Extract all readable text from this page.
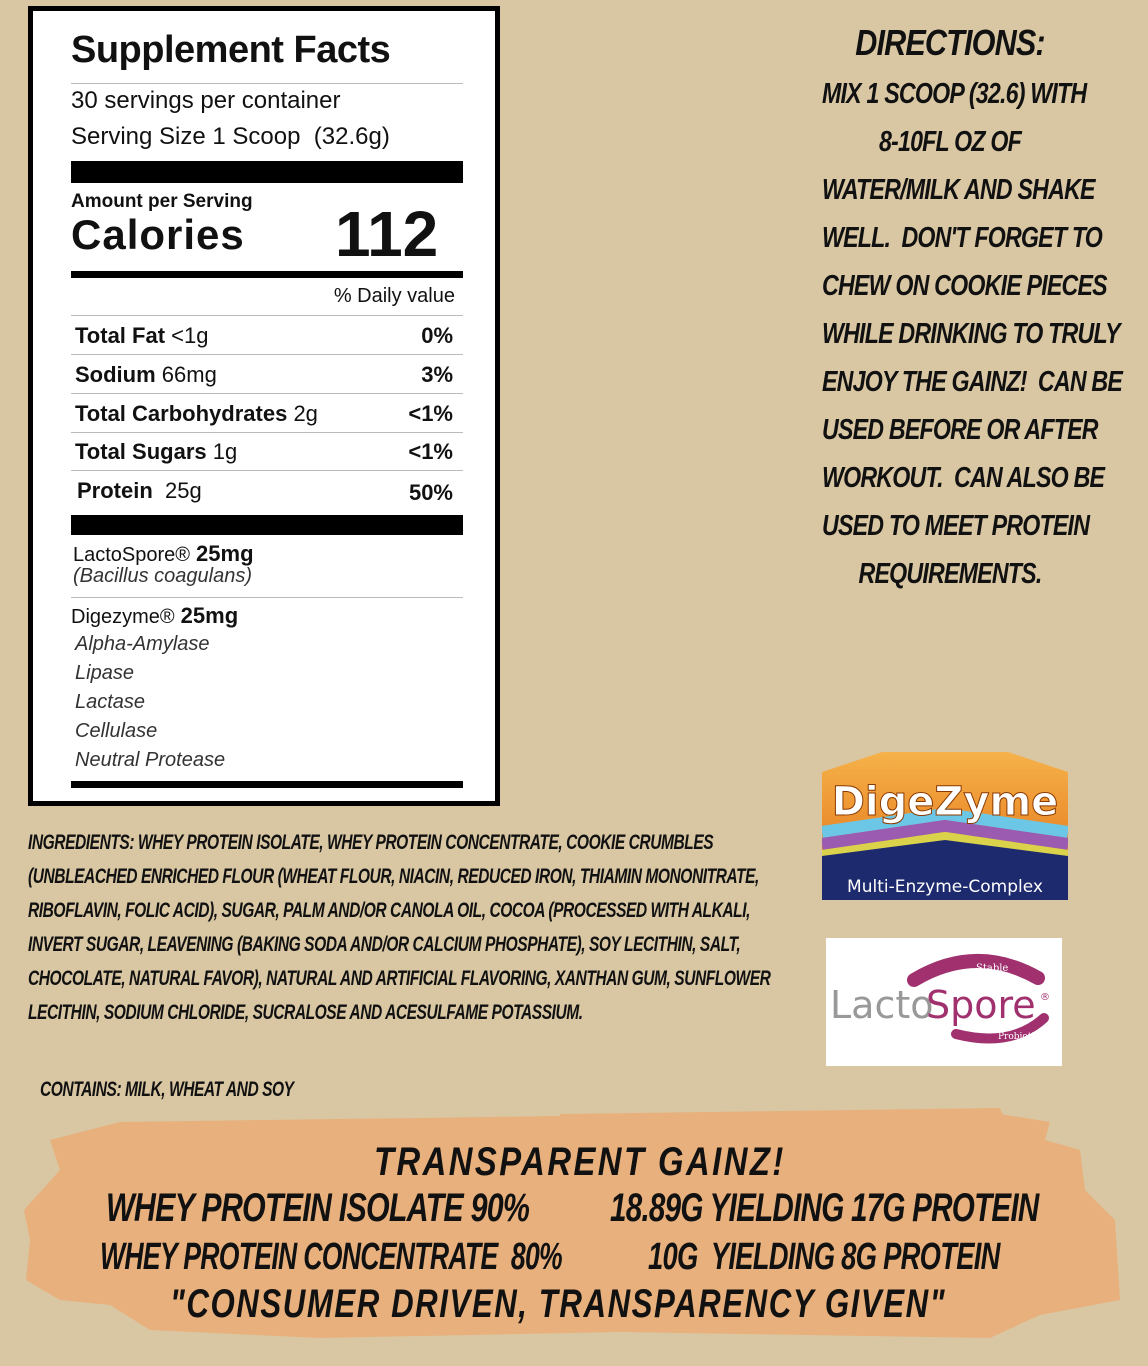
Supplement Facts
30 servings per container
Serving Size 1 Scoop  (32.6g)
Amount per Serving
Calories 112
% Daily value
Total Fat <1g	0%
Sodium 66mg	3%
Total Carbohydrates 2g	<1%
Total Sugars 1g	<1%
Protein 25g	50%
LactoSpore® 25mg
(Bacillus coagulans)
Digezyme® 25mg
Alpha-Amylase
Lipase
Lactase
Cellulase
Neutral Protease
DIRECTIONS:
MIX 1 SCOOP (32.6) WITH
8-10FL OZ OF
WATER/MILK AND SHAKE
WELL.  DON'T FORGET TO
CHEW ON COOKIE PIECES
WHILE DRINKING TO TRULY
ENJOY THE GAINZ!  CAN BE
USED BEFORE OR AFTER
WORKOUT.  CAN ALSO BE
USED TO MEET PROTEIN
REQUIREMENTS.
INGREDIENTS: WHEY PROTEIN ISOLATE, WHEY PROTEIN CONCENTRATE, COOKIE CRUMBLES
(UNBLEACHED ENRICHED FLOUR (WHEAT FLOUR, NIACIN, REDUCED IRON, THIAMIN MONONITRATE,
RIBOFLAVIN, FOLIC ACID), SUGAR, PALM AND/OR CANOLA OIL, COCOA (PROCESSED WITH ALKALI,
INVERT SUGAR, LEAVENING (BAKING SODA AND/OR CALCIUM PHOSPHATE), SOY LECITHIN, SALT,
CHOCOLATE, NATURAL FAVOR), NATURAL AND ARTIFICIAL FLAVORING, XANTHAN GUM, SUNFLOWER
LECITHIN, SODIUM CHLORIDE, SUCRALOSE AND ACESULFAME POTASSIUM.
CONTAINS: MILK, WHEAT AND SOY
DigeZyme
Multi-Enzyme-Complex
Stable
Probiotic
Lacto
Spore ®
TRANSPARENT GAINZ!
WHEY PROTEIN ISOLATE 90% 18.89G YIELDING 17G PROTEIN
WHEY PROTEIN CONCENTRATE  80% 10G  YIELDING 8G PROTEIN
"CONSUMER DRIVEN, TRANSPARENCY GIVEN"
